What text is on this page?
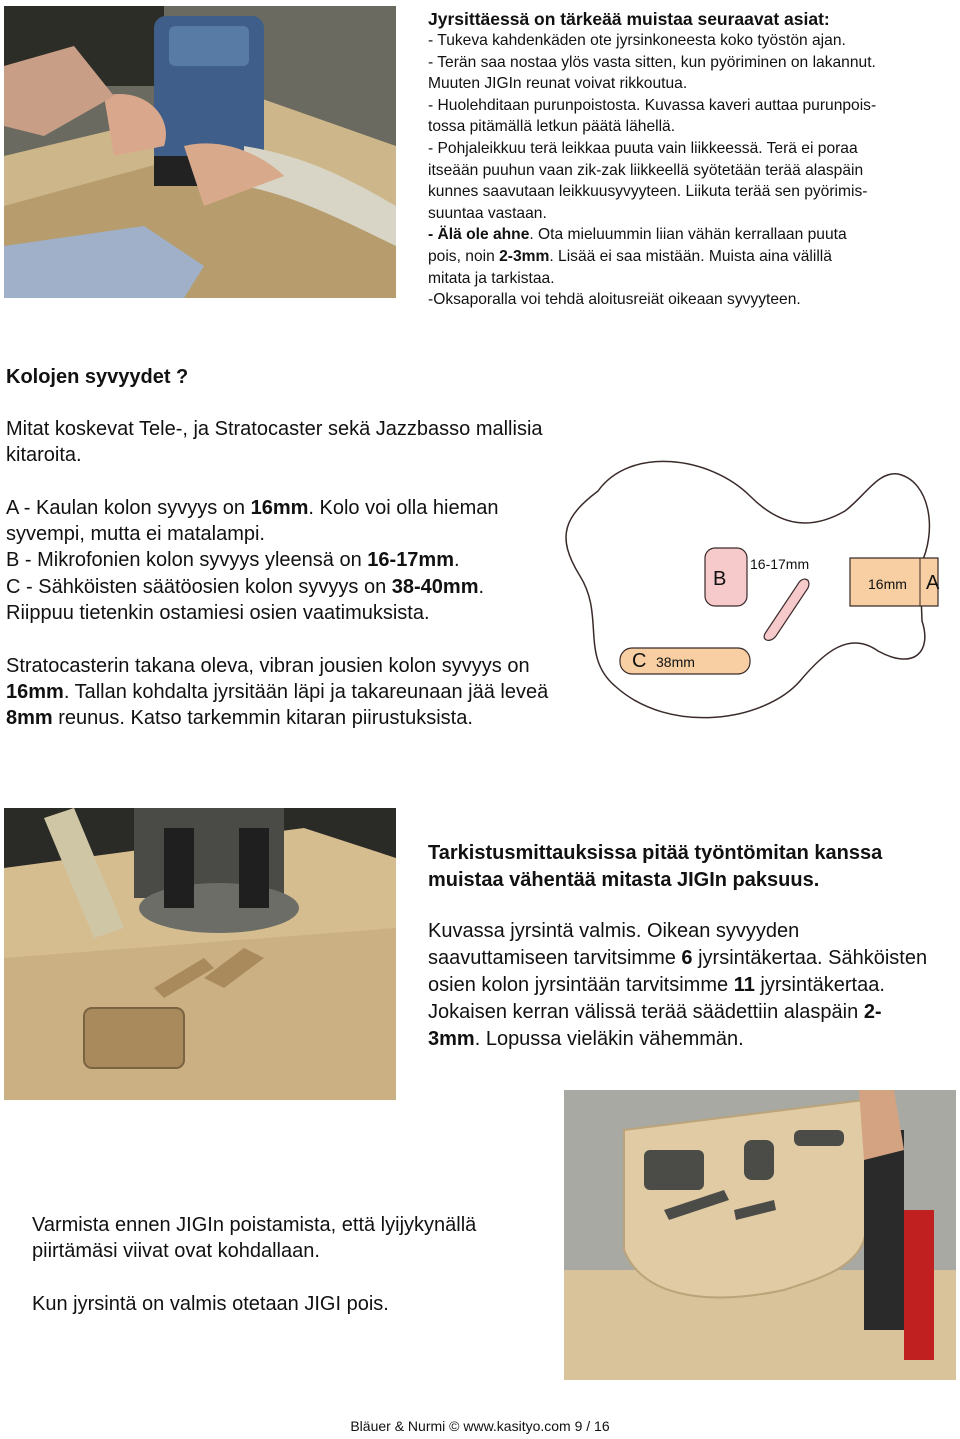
Jyrsittäessä on tärkeää muistaa seuraavat asiat:

- Tukeva kahdenkäden ote jyrsinkoneesta koko työstön ajan.

- Terän saa nostaa ylös vasta sitten, kun pyöriminen on lakannut.

Muuten JIGIn reunat voivat rikkoutua.

- Huolehditaan purunpoistosta. Kuvassa kaveri auttaa purunpois-

tossa pitämällä letkun päätä lähellä.

- Pohjaleikkuu terä leikkaa puuta vain liikkeessä. Terä ei poraa

itseään puuhun vaan zik-zak liikkeellä syötetään terää alaspäin

kunnes saavutaan leikkuusyvyyteen. Liikuta terää sen pyörimis-

suuntaa vastaan.

- Älä ole ahne. Ota mieluummin liian vähän kerrallaan puuta

pois, noin 2-3mm. Lisää ei saa mistään. Muista aina välillä

mitata ja tarkistaa.

-Oksaporalla voi tehdä aloitusreiät oikeaan syvyyteen.

Kolojen syvyydet ?

Mitat koskevat Tele-, ja Stratocaster sekä Jazzbasso mallisia kitaroita.

A - Kaulan kolon syvyys on 16mm. Kolo voi olla hieman syvempi, mutta ei matalampi.

B - Mikrofonien kolon syvyys yleensä on 16-17mm.

C - Sähköisten säätöosien kolon syvyys on 38-40mm.

Riippuu tietenkin ostamiesi osien vaatimuksista.

Stratocasterin takana oleva, vibran jousien kolon syvyys on 16mm. Tallan kohdalta jyrsitään läpi ja takareunaan jää leveä 8mm reunus. Katso tarkemmin kitaran piirustuksista.

B
16-17mm
16mm A
C 38mm

Tarkistusmittauksissa pitää työntömitan kanssa muistaa vähentää mitasta JIGIn paksuus.

Kuvassa jyrsintä valmis. Oikean syvyyden saavuttamiseen tarvitsimme 6 jyrsintäkertaa. Sähköisten osien kolon jyrsintään tarvitsimme 11 jyrsintäkertaa. Jokaisen kerran välissä terää säädettiin alaspäin 2-3mm. Lopussa vieläkin vähemmän.

Varmista ennen JIGIn poistamista, että lyijykynällä piirtämäsi viivat ovat kohdallaan.

Kun jyrsintä on valmis otetaan JIGI pois.

Bläuer & Nurmi © www.kasityo.com 9 / 16
